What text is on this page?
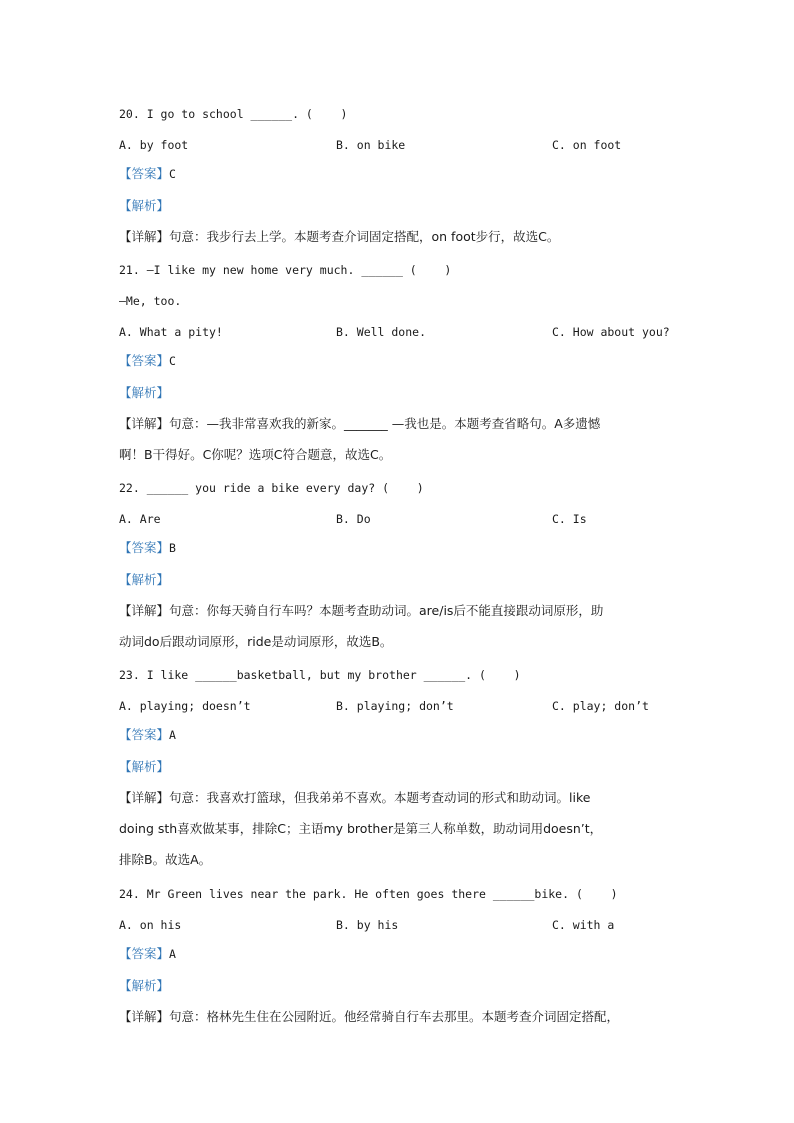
20. I go to school ______. (    )
A. by foot	B. on bike	C. on foot
【答案】C
【解析】
【详解】句意：我步行去上学。本题考查介词固定搭配，on foot步行，故选C。
21. —I like my new home very much. ______ (    )
—Me, too.
A. What a pity!	B. Well done.	C. How about you?
【答案】C
【解析】
【详解】句意：—我非常喜欢我的新家。_______ —我也是。本题考查省略句。A多遗憾
啊！B干得好。C你呢？选项C符合题意，故选C。
22. ______ you ride a bike every day? (    )
A. Are	B. Do	C. Is
【答案】B
【解析】
【详解】句意：你每天骑自行车吗？本题考查助动词。are/is后不能直接跟动词原形，助
动词do后跟动词原形，ride是动词原形，故选B。
23. I like ______basketball, but my brother ______. (    )
A. playing; doesn’t	B. playing; don’t	C. play; don’t
【答案】A
【解析】
【详解】句意：我喜欢打篮球，但我弟弟不喜欢。本题考查动词的形式和助动词。like
doing sth喜欢做某事，排除C；主语my brother是第三人称单数，助动词用doesn’t，
排除B。故选A。
24. Mr Green lives near the park. He often goes there ______bike. (    )
A. on his	B. by his	C. with a
【答案】A
【解析】
【详解】句意：格林先生住在公园附近。他经常骑自行车去那里。本题考查介词固定搭配，
